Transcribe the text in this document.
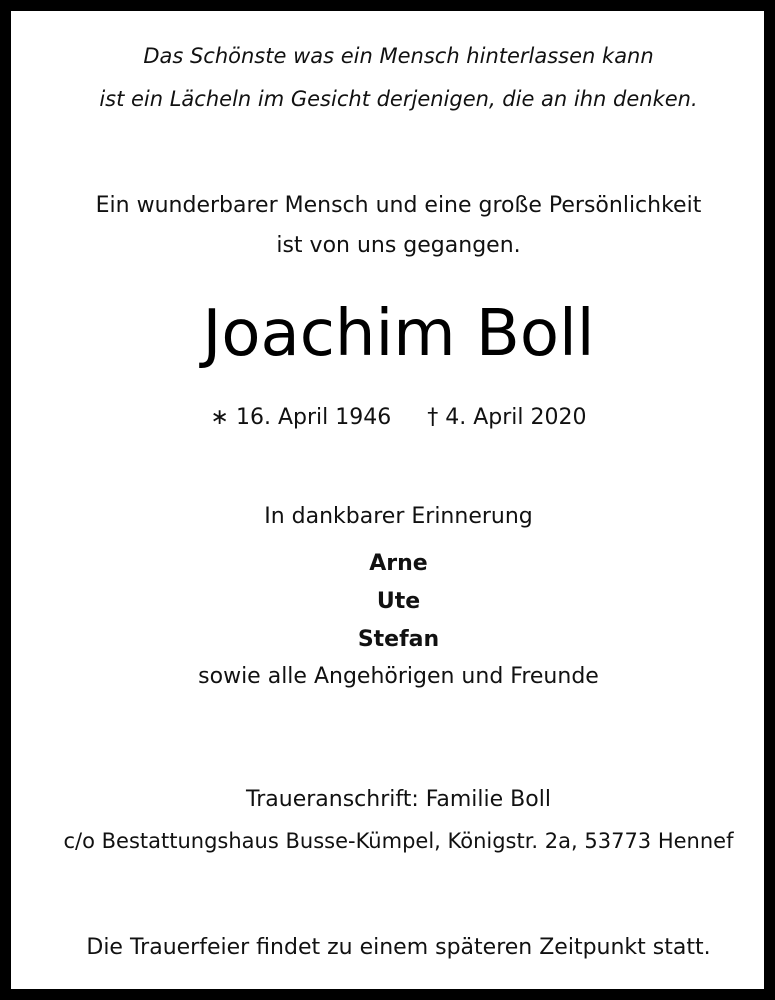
Das Schönste was ein Mensch hinterlassen kann
ist ein Lächeln im Gesicht derjenigen, die an ihn denken.
Ein wunderbarer Mensch und eine große Persönlichkeit
ist von uns gegangen.
Joachim Boll
∗ 16. April 1946 † 4. April 2020
In dankbarer Erinnerung
Arne
Ute
Stefan
sowie alle Angehörigen und Freunde
Traueranschrift: Familie Boll
c/o Bestattungshaus Busse-Kümpel, Königstr. 2a, 53773 Hennef
Die Trauerfeier findet zu einem späteren Zeitpunkt statt.
